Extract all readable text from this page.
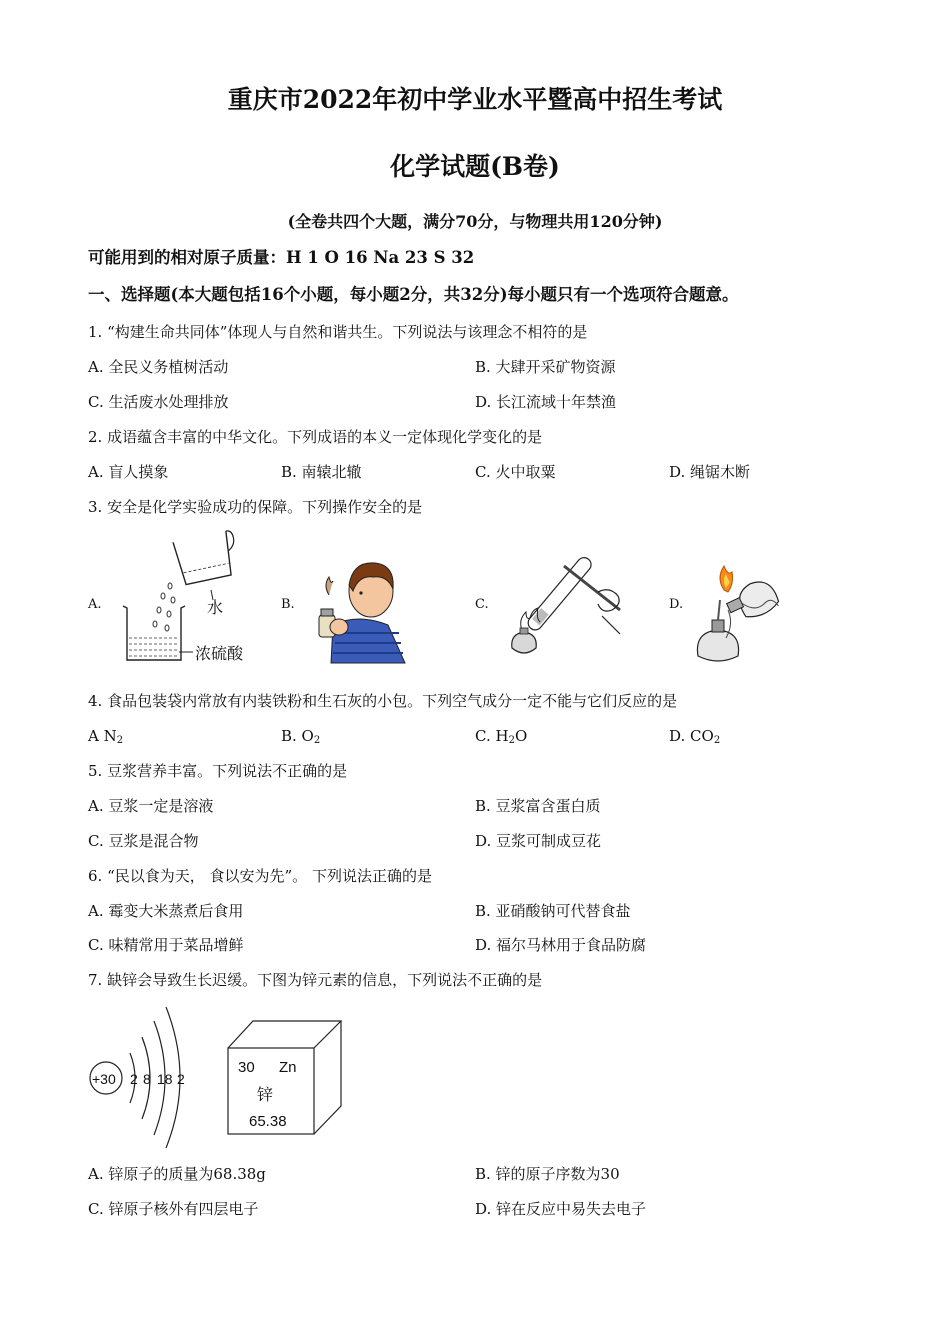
重庆市2022年初中学业水平暨高中招生考试
化学试题(B卷)
(全卷共四个大题，满分70分，与物理共用120分钟)
可能用到的相对原子质量：H 1 O 16 Na 23 S 32
一、选择题(本大题包括16个小题，每小题2分，共32分)每小题只有一个选项符合题意。
1. “构建生命共同体”体现人与自然和谐共生。下列说法与该理念不相符的是
A. 全民义务植树活动	B. 大肆开采矿物资源
C. 生活废水处理排放	D. 长江流域十年禁渔
2. 成语蕴含丰富的中华文化。下列成语的本义一定体现化学变化的是
A. 盲人摸象	B. 南辕北辙	C. 火中取粟	D. 绳锯木断
3. 安全是化学实验成功的保障。下列操作安全的是
A.	B.	C.	D.
水
浓硫酸
4. 食品包装袋内常放有内装铁粉和生石灰的小包。下列空气成分一定不能与它们反应的是
A $N_2$	B. $O_2$	C. $H_2O$	D. $CO_2$
5. 豆浆营养丰富。下列说法不正确的是
A. 豆浆一定是溶液	B. 豆浆富含蛋白质
C. 豆浆是混合物	D. 豆浆可制成豆花
6. “民以食为天， 食以安为先”。 下列说法正确的是
A. 霉变大米蒸煮后食用	B. 亚硝酸钠可代替食盐
C. 味精常用于菜品增鲜	D. 福尔马林用于食品防腐
7. 缺锌会导致生长迟缓。下图为锌元素的信息，下列说法不正确的是
+30 2 8 18 2
30 Zn
锌
65.38
A. 锌原子的质量为68.38g	B. 锌的原子序数为30
C. 锌原子核外有四层电子	D. 锌在反应中易失去电子
